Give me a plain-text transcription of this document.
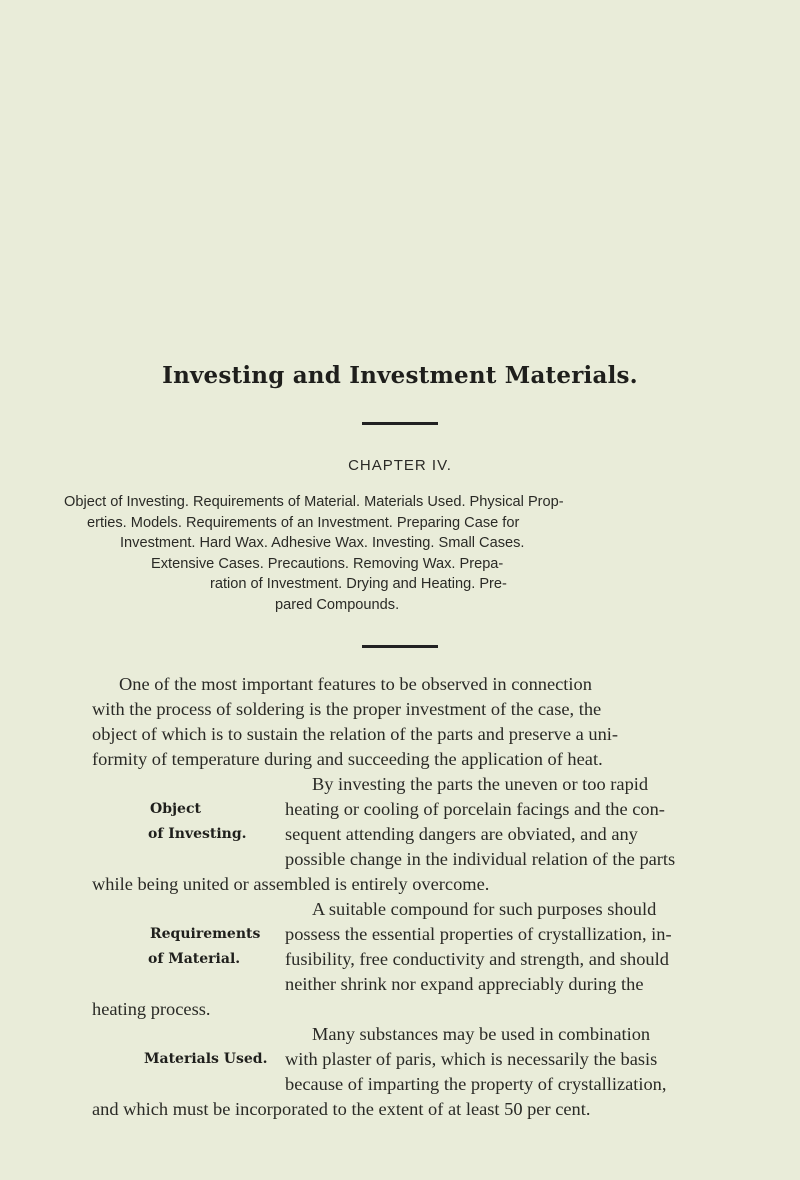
Investing and Investment Materials.
CHAPTER IV.
Object of Investing. Requirements of Material. Materials Used. Physical Prop-
erties. Models. Requirements of an Investment. Preparing Case for
Investment. Hard Wax. Adhesive Wax. Investing. Small Cases.
Extensive Cases. Precautions. Removing Wax. Prepa-
ration of Investment. Drying and Heating. Pre-
pared Compounds.
One of the most important features to be observed in connection
with the process of soldering is the proper investment of the case, the
object of which is to sustain the relation of the parts and preserve a uni-
formity of temperature during and succeeding the application of heat.
By investing the parts the uneven or too rapid
heating or cooling of porcelain facings and the con-
sequent attending dangers are obviated, and any
possible change in the individual relation of the parts
while being united or assembled is entirely overcome.
A suitable compound for such purposes should
possess the essential properties of crystallization, in-
fusibility, free conductivity and strength, and should
neither shrink nor expand appreciably during the
heating process.
Many substances may be used in combination
with plaster of paris, which is necessarily the basis
because of imparting the property of crystallization,
and which must be incorporated to the extent of at least 50 per cent.
Object
of Investing.
Requirements
of Material.
Materials Used.
